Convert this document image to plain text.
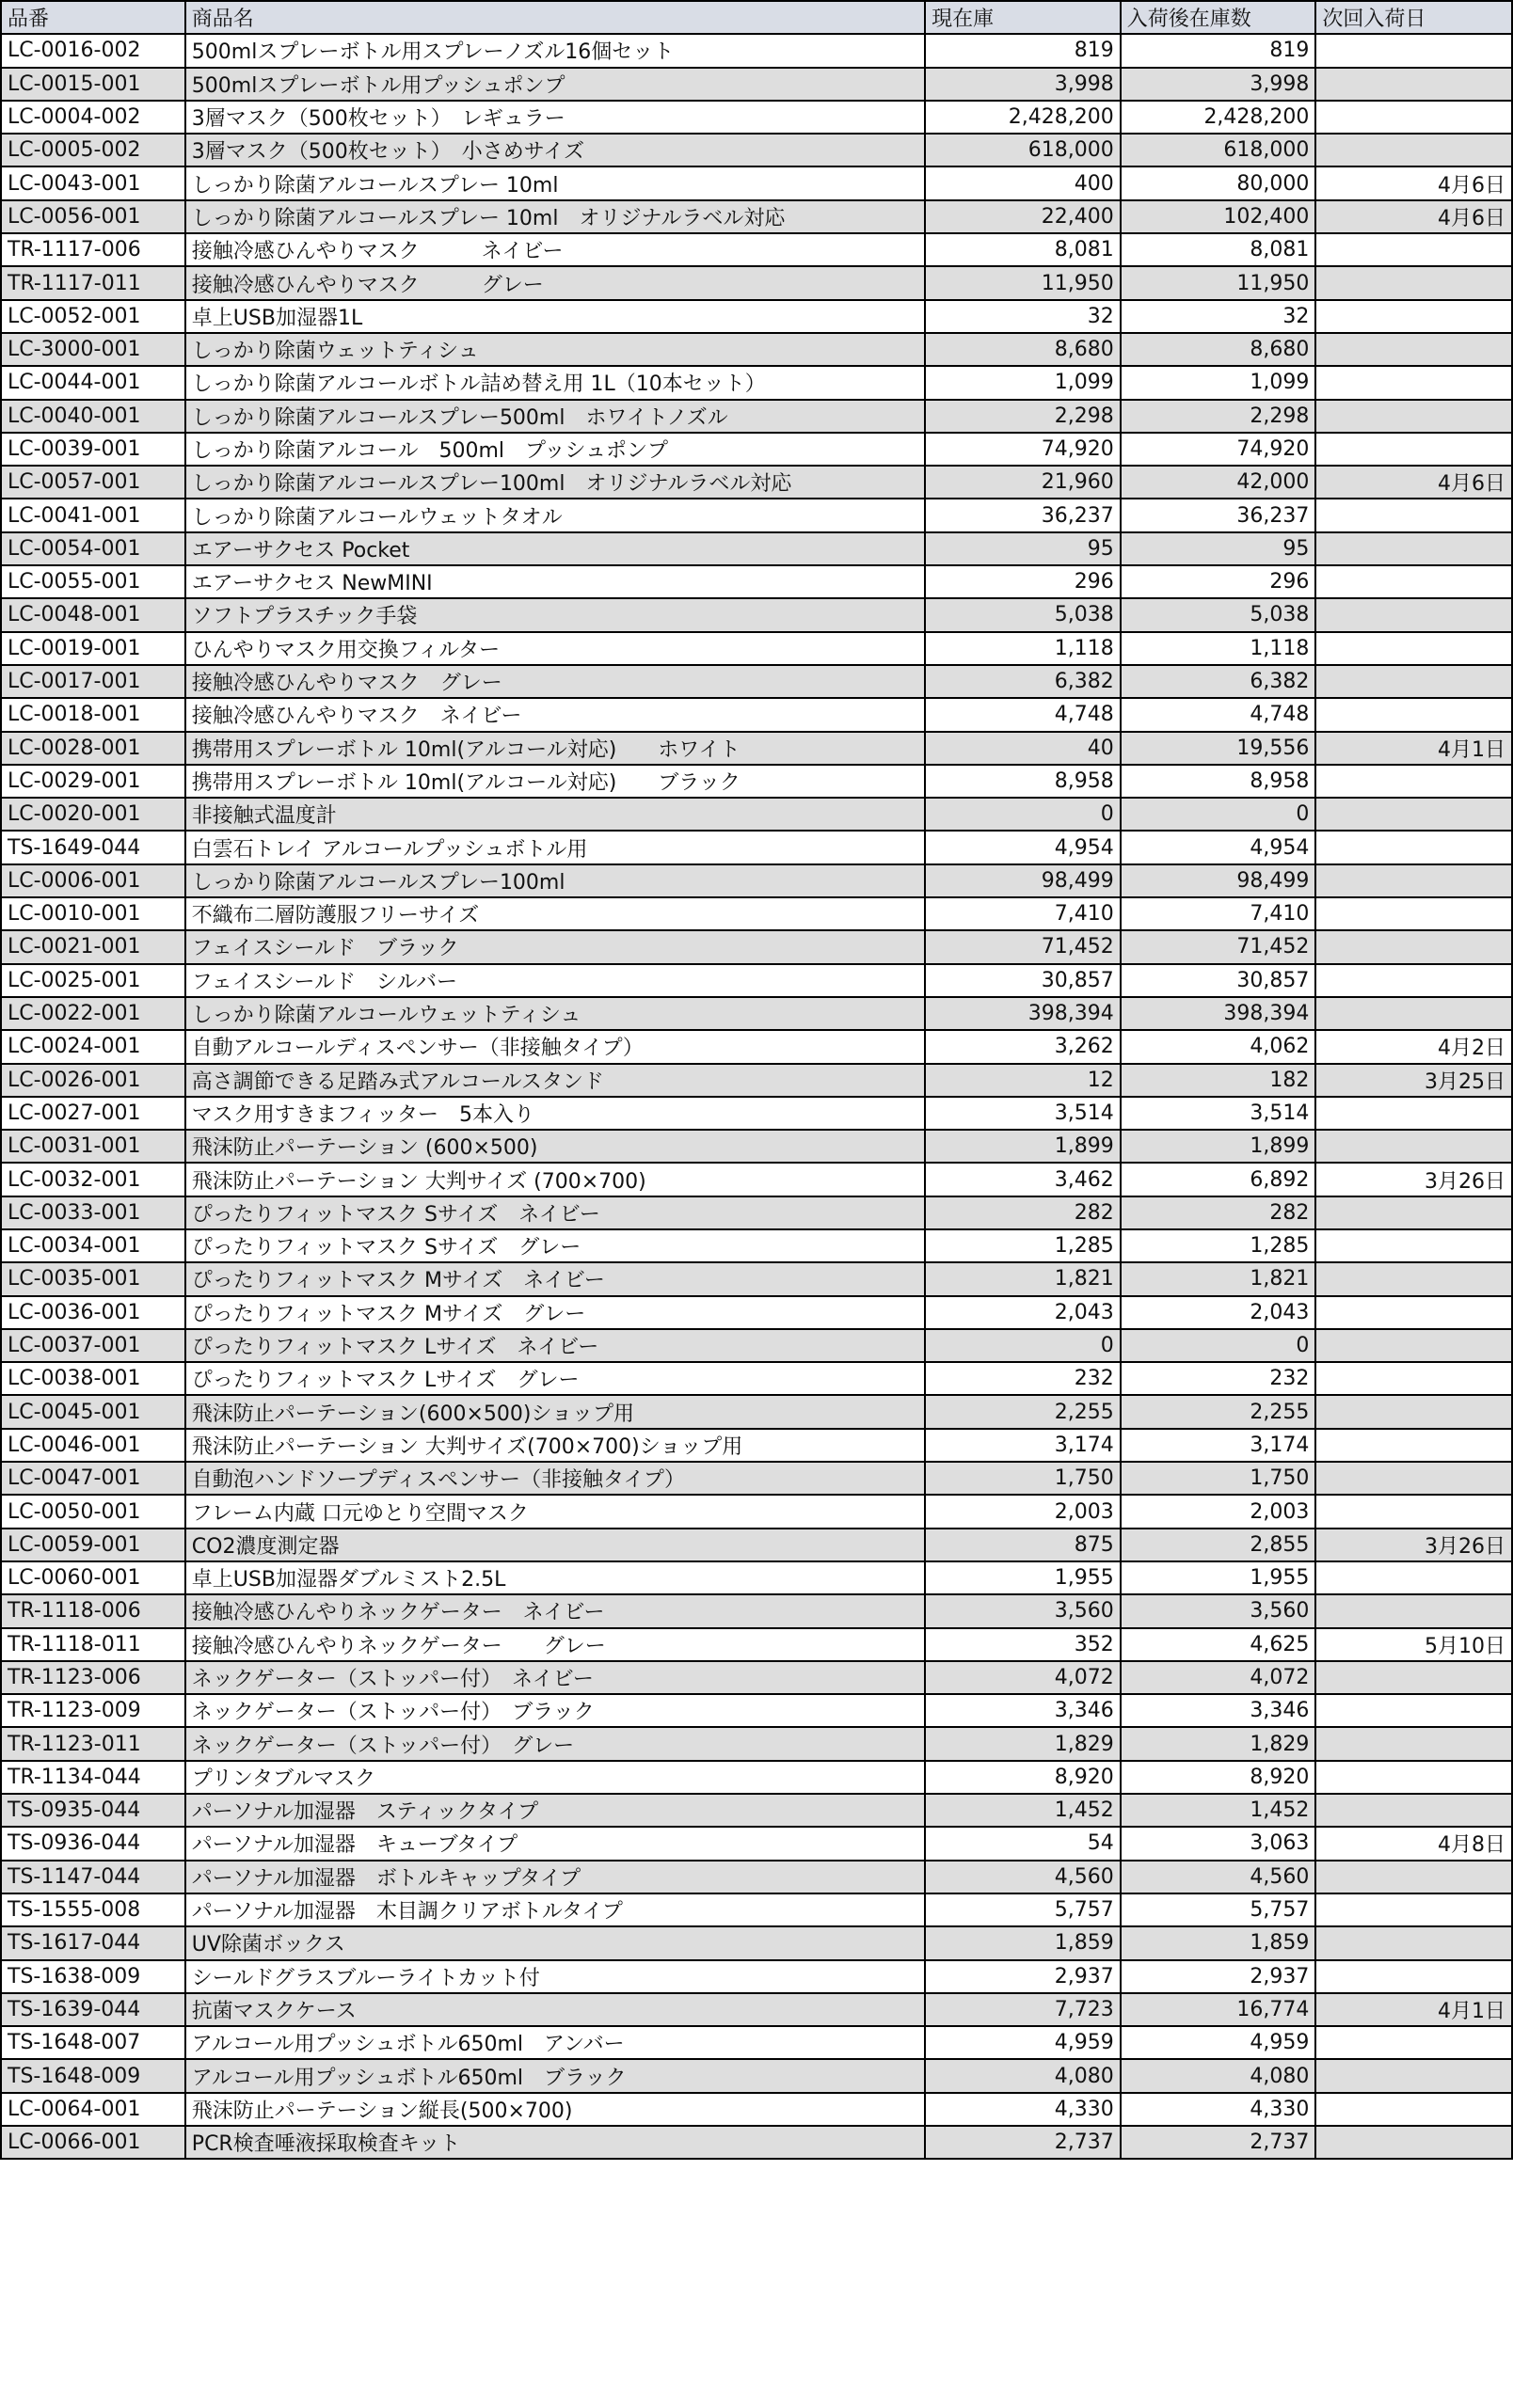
品番	商品名	現在庫	入荷後在庫数	次回入荷日
LC-0016-002	500mlスプレーボトル用スプレーノズル16個セット	819	819	
LC-0015-001	500mlスプレーボトル用プッシュポンプ	3,998	3,998	
LC-0004-002	3層マスク（500枚セット）　レギュラー	2,428,200	2,428,200	
LC-0005-002	3層マスク（500枚セット）　小さめサイズ	618,000	618,000	
LC-0043-001	しっかり除菌アルコールスプレー 10ml	400	80,000	4月6日
LC-0056-001	しっかり除菌アルコールスプレー 10ml　オリジナルラベル対応	22,400	102,400	4月6日
TR-1117-006	接触冷感ひんやりマスク　　　ネイビー	8,081	8,081	
TR-1117-011	接触冷感ひんやりマスク　　　グレー	11,950	11,950	
LC-0052-001	卓上USB加湿器1L	32	32	
LC-3000-001	しっかり除菌ウェットティシュ	8,680	8,680	
LC-0044-001	しっかり除菌アルコールボトル詰め替え用 1L（10本セット）	1,099	1,099	
LC-0040-001	しっかり除菌アルコールスプレー500ml　ホワイトノズル	2,298	2,298	
LC-0039-001	しっかり除菌アルコール　500ml　プッシュポンプ	74,920	74,920	
LC-0057-001	しっかり除菌アルコールスプレー100ml　オリジナルラベル対応	21,960	42,000	4月6日
LC-0041-001	しっかり除菌アルコールウェットタオル	36,237	36,237	
LC-0054-001	エアーサクセス Pocket	95	95	
LC-0055-001	エアーサクセス NewMINI	296	296	
LC-0048-001	ソフトプラスチック手袋	5,038	5,038	
LC-0019-001	ひんやりマスク用交換フィルター	1,118	1,118	
LC-0017-001	接触冷感ひんやりマスク　グレー	6,382	6,382	
LC-0018-001	接触冷感ひんやりマスク　ネイビー	4,748	4,748	
LC-0028-001	携帯用スプレーボトル 10ml(アルコール対応)　　ホワイト	40	19,556	4月1日
LC-0029-001	携帯用スプレーボトル 10ml(アルコール対応)　　ブラック	8,958	8,958	
LC-0020-001	非接触式温度計	0	0	
TS-1649-044	白雲石トレイ アルコールプッシュボトル用	4,954	4,954	
LC-0006-001	しっかり除菌アルコールスプレー100ml	98,499	98,499	
LC-0010-001	不織布二層防護服フリーサイズ	7,410	7,410	
LC-0021-001	フェイスシールド　ブラック	71,452	71,452	
LC-0025-001	フェイスシールド　シルバー	30,857	30,857	
LC-0022-001	しっかり除菌アルコールウェットティシュ	398,394	398,394	
LC-0024-001	自動アルコールディスペンサー（非接触タイプ）	3,262	4,062	4月2日
LC-0026-001	高さ調節できる足踏み式アルコールスタンド	12	182	3月25日
LC-0027-001	マスク用すきまフィッター　5本入り	3,514	3,514	
LC-0031-001	飛沫防止パーテーション (600×500)	1,899	1,899	
LC-0032-001	飛沫防止パーテーション 大判サイズ (700×700)	3,462	6,892	3月26日
LC-0033-001	ぴったりフィットマスク Sサイズ　ネイビー	282	282	
LC-0034-001	ぴったりフィットマスク Sサイズ　グレー	1,285	1,285	
LC-0035-001	ぴったりフィットマスク Mサイズ　ネイビー	1,821	1,821	
LC-0036-001	ぴったりフィットマスク Mサイズ　グレー	2,043	2,043	
LC-0037-001	ぴったりフィットマスク Lサイズ　ネイビー	0	0	
LC-0038-001	ぴったりフィットマスク Lサイズ　グレー	232	232	
LC-0045-001	飛沫防止パーテーション(600×500)ショップ用	2,255	2,255	
LC-0046-001	飛沫防止パーテーション 大判サイズ(700×700)ショップ用	3,174	3,174	
LC-0047-001	自動泡ハンドソープディスペンサー（非接触タイプ）	1,750	1,750	
LC-0050-001	フレーム内蔵 口元ゆとり空間マスク	2,003	2,003	
LC-0059-001	CO2濃度測定器	875	2,855	3月26日
LC-0060-001	卓上USB加湿器ダブルミスト2.5L	1,955	1,955	
TR-1118-006	接触冷感ひんやりネックゲーター　ネイビー	3,560	3,560	
TR-1118-011	接触冷感ひんやりネックゲーター　　グレー	352	4,625	5月10日
TR-1123-006	ネックゲーター（ストッパー付）　ネイビー	4,072	4,072	
TR-1123-009	ネックゲーター（ストッパー付）　ブラック	3,346	3,346	
TR-1123-011	ネックゲーター（ストッパー付）　グレー	1,829	1,829	
TR-1134-044	プリンタブルマスク	8,920	8,920	
TS-0935-044	パーソナル加湿器　スティックタイプ	1,452	1,452	
TS-0936-044	パーソナル加湿器　キューブタイプ	54	3,063	4月8日
TS-1147-044	パーソナル加湿器　ボトルキャップタイプ	4,560	4,560	
TS-1555-008	パーソナル加湿器　木目調クリアボトルタイプ	5,757	5,757	
TS-1617-044	UV除菌ボックス	1,859	1,859	
TS-1638-009	シールドグラスブルーライトカット付	2,937	2,937	
TS-1639-044	抗菌マスクケース	7,723	16,774	4月1日
TS-1648-007	アルコール用プッシュボトル650ml　アンバー	4,959	4,959	
TS-1648-009	アルコール用プッシュボトル650ml　ブラック	4,080	4,080	
LC-0064-001	飛沫防止パーテーション縦長(500×700)	4,330	4,330	
LC-0066-001	PCR検査唾液採取検査キット	2,737	2,737	
